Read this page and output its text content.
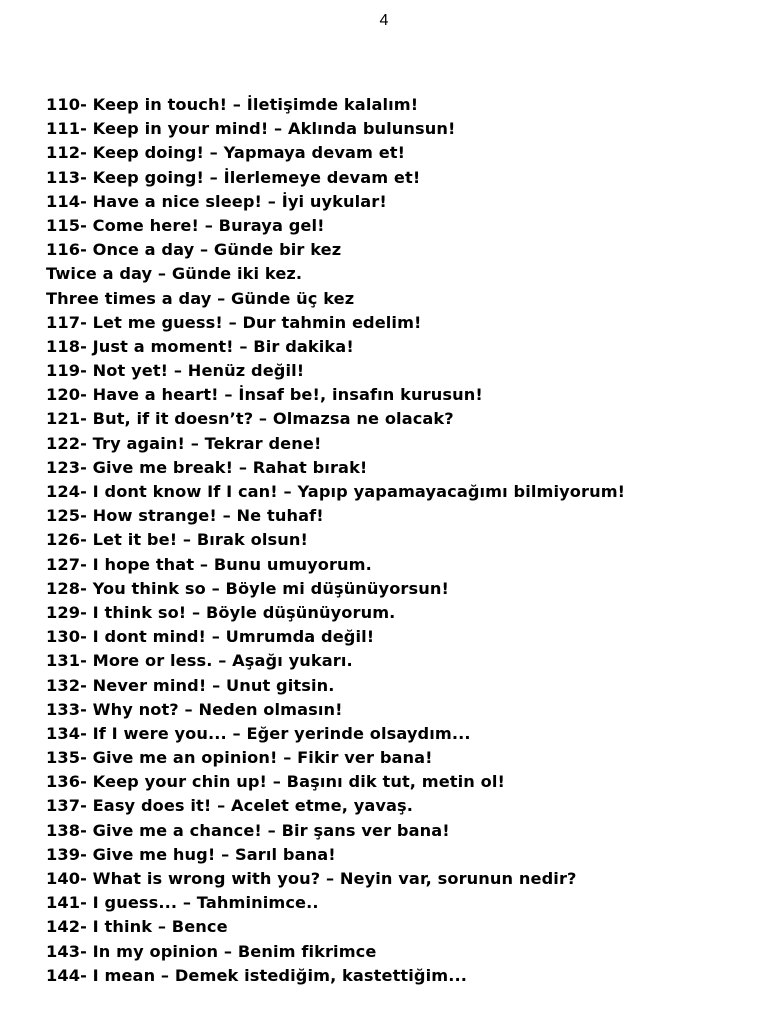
4
110- Keep in touch! – İletişimde kalalım!
111- Keep in your mind! – Aklında bulunsun!
112- Keep doing! – Yapmaya devam et!
113- Keep going! – İlerlemeye devam et!
114- Have a nice sleep! – İyi uykular!
115- Come here! – Buraya gel!
116- Once a day – Günde bir kez
Twice a day – Günde iki kez.
Three times a day – Günde üç kez
117- Let me guess! – Dur tahmin edelim!
118- Just a moment! – Bir dakika!
119- Not yet! – Henüz değil!
120- Have a heart! – İnsaf be!, insafın kurusun!
121- But, if it doesn’t? – Olmazsa ne olacak?
122- Try again! – Tekrar dene!
123- Give me break! – Rahat bırak!
124- I dont know If I can! – Yapıp yapamayacağımı bilmiyorum!
125- How strange! – Ne tuhaf!
126- Let it be! – Bırak olsun!
127- I hope that – Bunu umuyorum.
128- You think so – Böyle mi düşünüyorsun!
129- I think so! – Böyle düşünüyorum.
130- I dont mind! – Umrumda değil!
131- More or less. – Aşağı yukarı.
132- Never mind! – Unut gitsin.
133- Why not? – Neden olmasın!
134- If I were you... – Eğer yerinde olsaydım...
135- Give me an opinion! – Fikir ver bana!
136- Keep your chin up! – Başını dik tut, metin ol!
137- Easy does it! – Acelet etme, yavaş.
138- Give me a chance! – Bir şans ver bana!
139- Give me hug! – Sarıl bana!
140- What is wrong with you? – Neyin var, sorunun nedir?
141- I guess... – Tahminimce..
142- I think – Bence
143- In my opinion – Benim fikrimce
144- I mean – Demek istediğim, kastettiğim...
